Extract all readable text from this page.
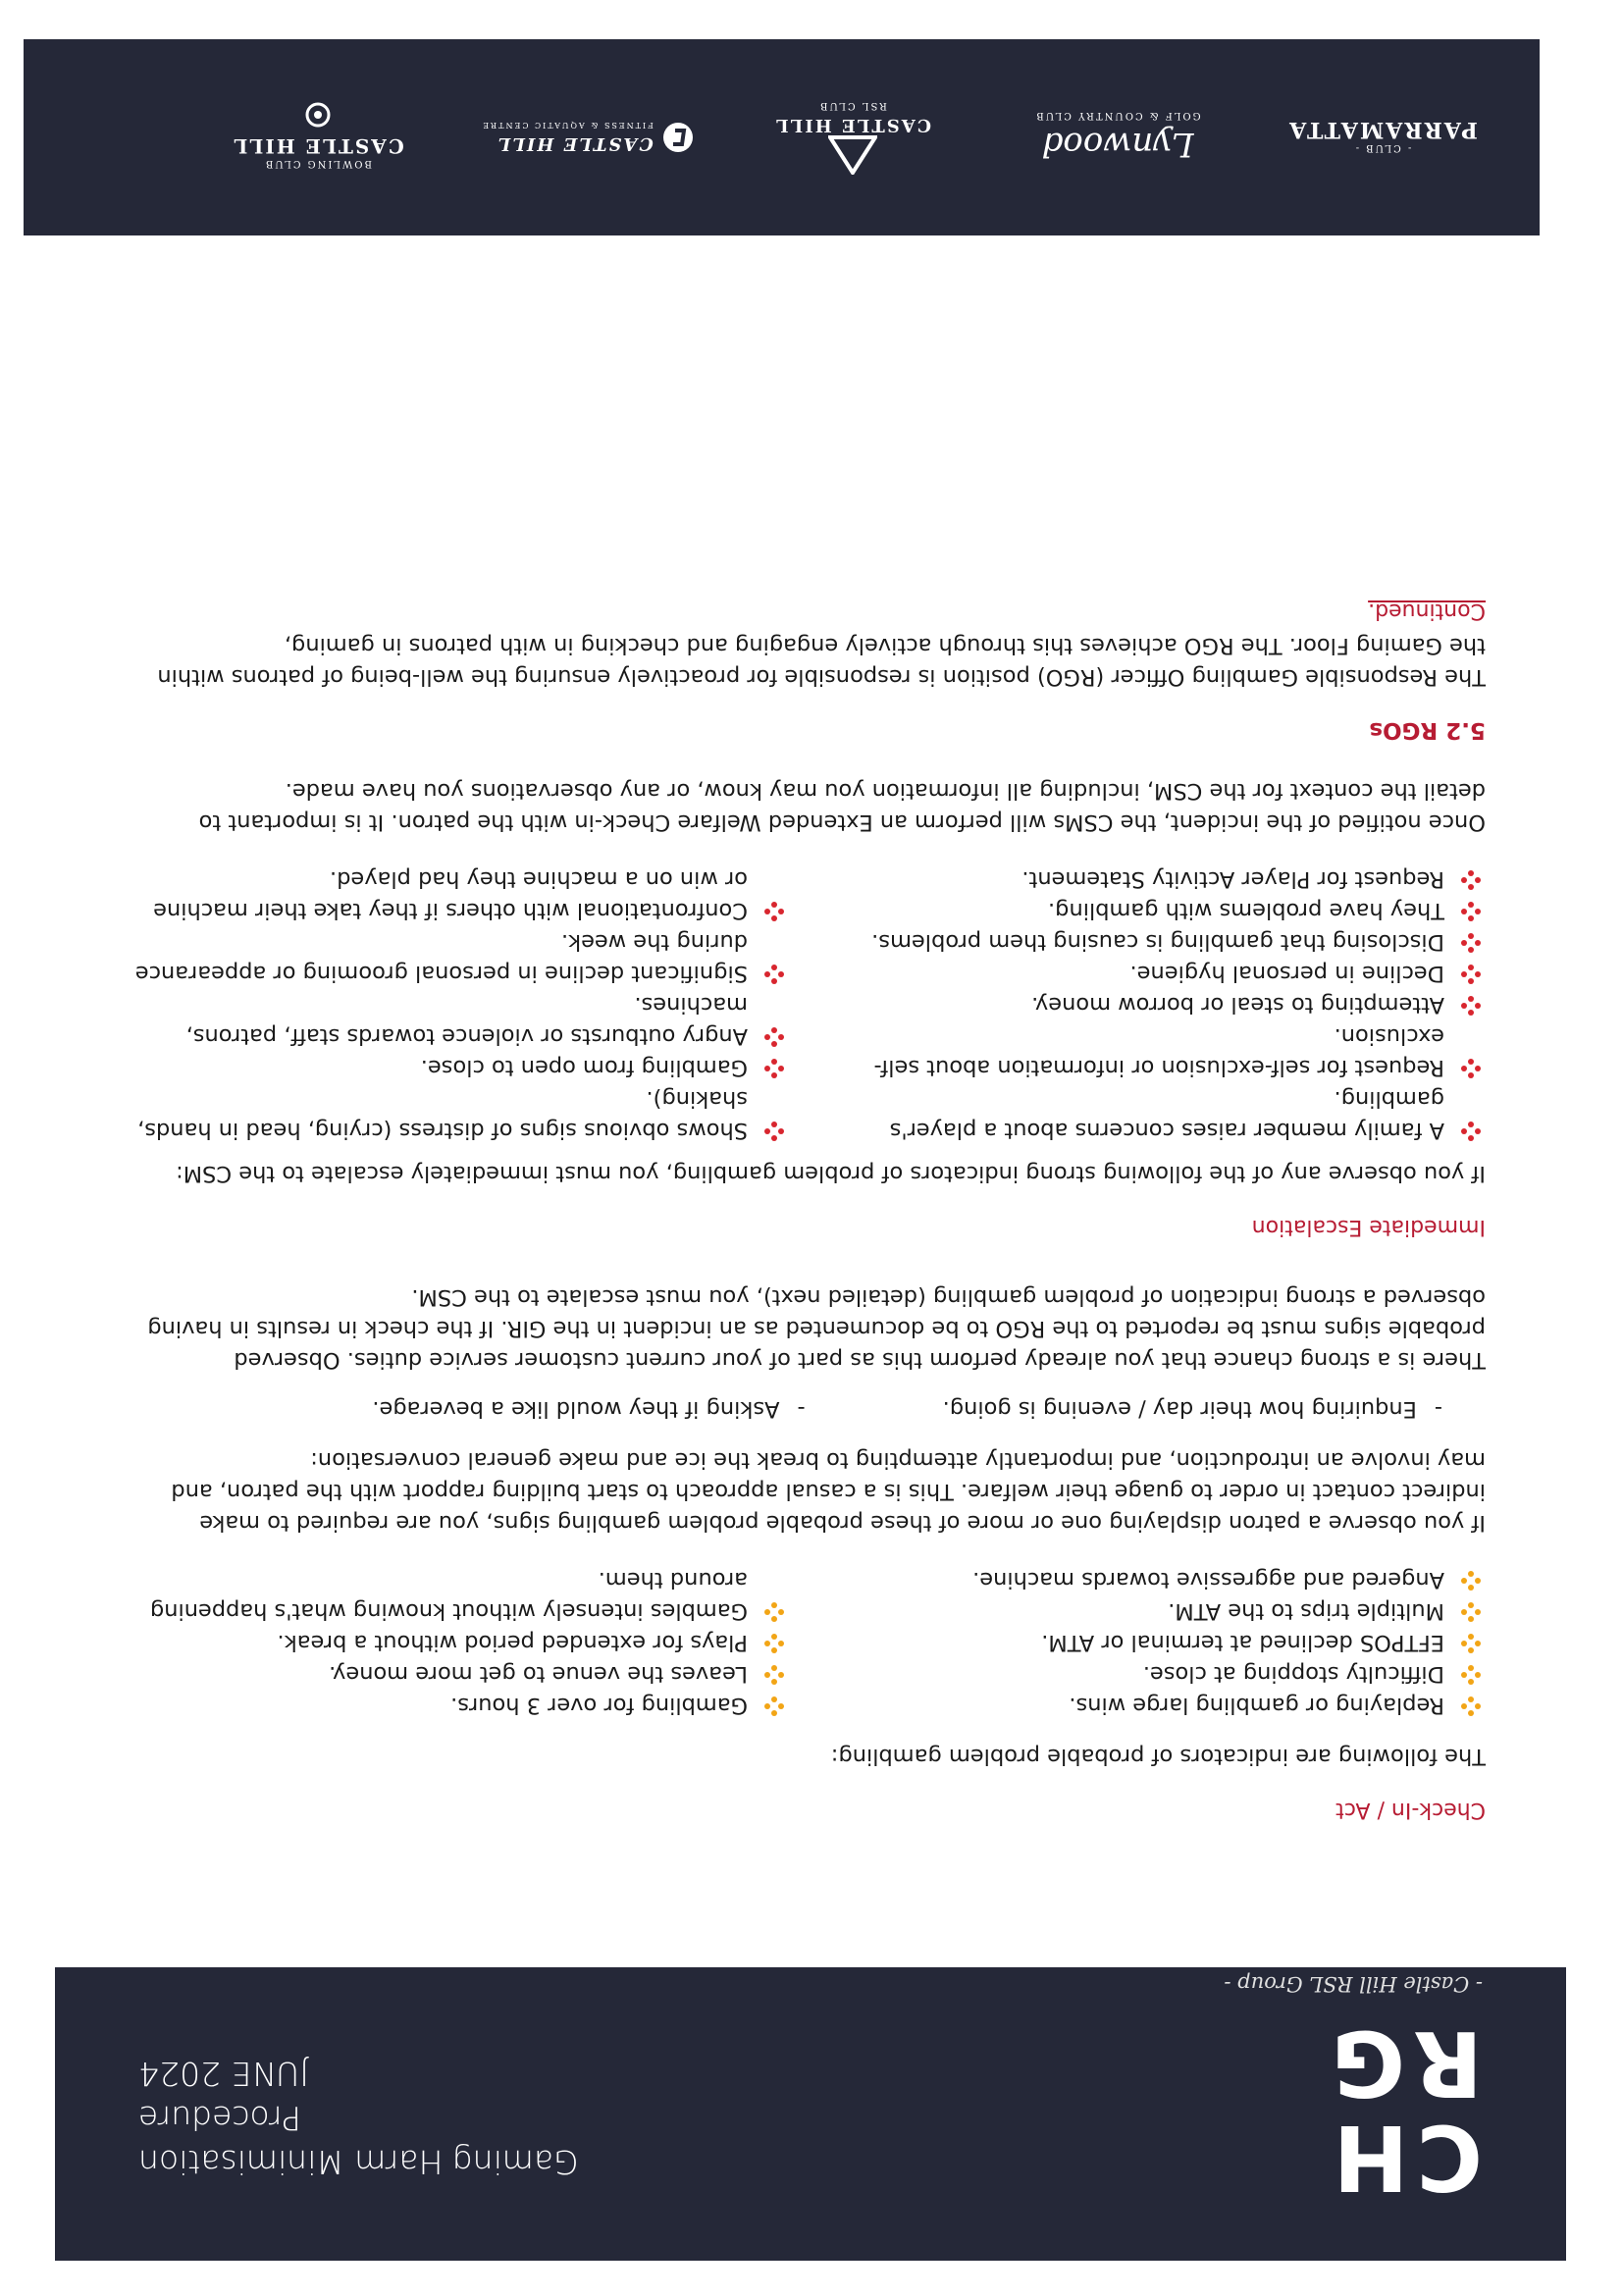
CH
RG
- Castle Hill RSL Group -
Gaming Harm Minimisation
Procedure
JUNE 2024
Check-In / Act

The following are indicators of probable problem gambling:

Replaying or gambling large wins.
Difficulty stopping at close.
EFTPOS declined at terminal or ATM.
Multiple trips to the ATM.
Angered and aggressive towards machine.
Gambling for over 3 hours.
Leaves the venue to get more money.
Plays for extended period without a break.
Gambles intensely without knowing what's happening around them.

If you observe a patron displaying one or more of these probable problem gambling signs, you are required to make indirect contact in order to guage their welfare. This is a casual approach to start building rapport with the patron, and may involve an introduction, and importantly attempting to break the ice and make general conversation:

-Enquiring how their day / evening is going.
-Asking if they would like a beverage.

There is a strong chance that you already perform this as part of your current customer service duties. Observed probable signs must be reported to the RGO to be documented as an incident in the GIR. If the check in results in having observed a strong indication of problem gambling (detailed next), you must escalate to the CSM.

Immediate Escalation

If you observe any of the following strong indicators of problem gambling, you must immediately escalate to the CSM:

A family member raises concerns about a player's gambling.
Request for self-exclusion or information about self-exclusion.
Attempting to steal or borrow money.
Decline in personal hygiene.
Disclosing that gambling is causing them problems.
They have problems with gambling.
Request for Player Activity Statement.
Shows obvious signs of distress (crying, head in hands, shaking).
Gambling from open to close.
Angry outbursts or violence towards staff, patrons, machines.
Significant decline in personal grooming or appearance during the week.
Confrontational with others if they take their machine or win on a machine they had played.

Once notified of the incident, the CSMs will perform an Extended Welfare Check-in with the patron. It is important to detail the context for the CSM, including all information you may know, or any observations you have made.

5.2 RGOs

The Responsible Gambling Officer (RGO) position is responsible for proactively ensuring the well-being of patrons within the Gaming Floor. The RGO achieves this through actively engaging and checking in with patrons in gaming,

Continued.
- CLUB -
PARRAMATTA
Lynwood
GOLF & COUNTRY CLUB
CASTLE HILL
RSL CLUB
CASTLE HILL
FITNESS & AQUATIC CENTRE
BOWLING CLUB
CASTLE HILL
